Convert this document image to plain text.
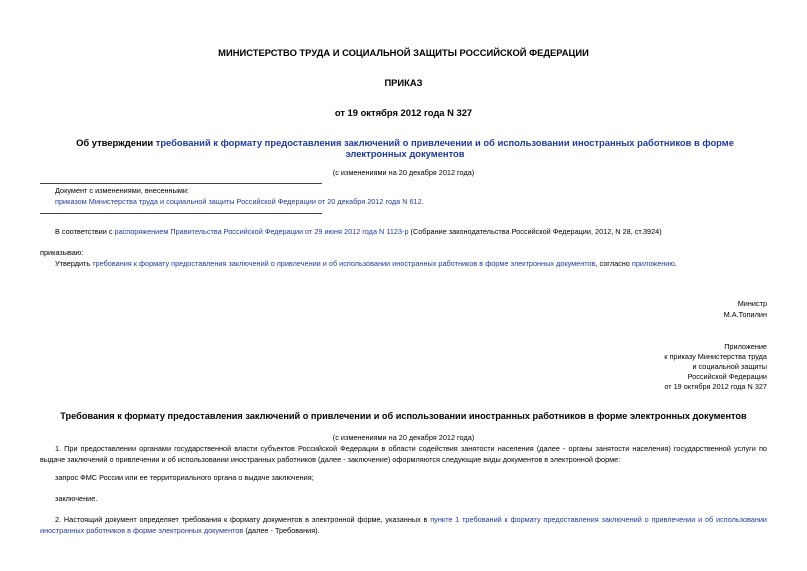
МИНИСТЕРСТВО ТРУДА И СОЦИАЛЬНОЙ ЗАЩИТЫ РОССИЙСКОЙ ФЕДЕРАЦИИ
ПРИКАЗ
от 19 октября 2012 года N 327
Об утверждении требований к формату предоставления заключений о привлечении и об использовании иностранных работников в форме электронных документов
(с изменениями на 20 декабря 2012 года)
Документ с изменениями, внесенными:
приказом Министерства труда и социальной защиты Российской Федерации от 20 декабря 2012 года N 612.
В соответствии с распоряжением Правительства Российской Федерации от 29 июня 2012 года N 1123-р (Собрание законодательства Российской Федерации, 2012, N 28, ст.3924)
приказываю:
Утвердить требования к формату предоставления заключений о привлечении и об использовании иностранных работников в форме электронных документов, согласно приложению.
Министр
М.А.Топилин
Приложение
к приказу Министерства труда
и социальной защиты
Российской Федерации
от 19 октября 2012 года N 327
Требования к формату предоставления заключений о привлечении и об использовании иностранных работников в форме электронных документов
(с изменениями на 20 декабря 2012 года)

1. При предоставлении органами государственной власти субъектов Российской Федерации в области содействия занятости населения (далее - органы занятости населения) государственной услуги по выдаче заключений о привлечении и об использовании иностранных работников (далее - заключение) оформляются следующие виды документов в электронной форме:

запрос ФМС России или ее территориального органа о выдаче заключения;
заключение.

2. Настоящий документ определяет требования к формату документов в электронной форме, указанных в пункте 1 требований к формату предоставления заключений о привлечении и об использовании иностранных работников в форме электронных документов (далее - Требования).
